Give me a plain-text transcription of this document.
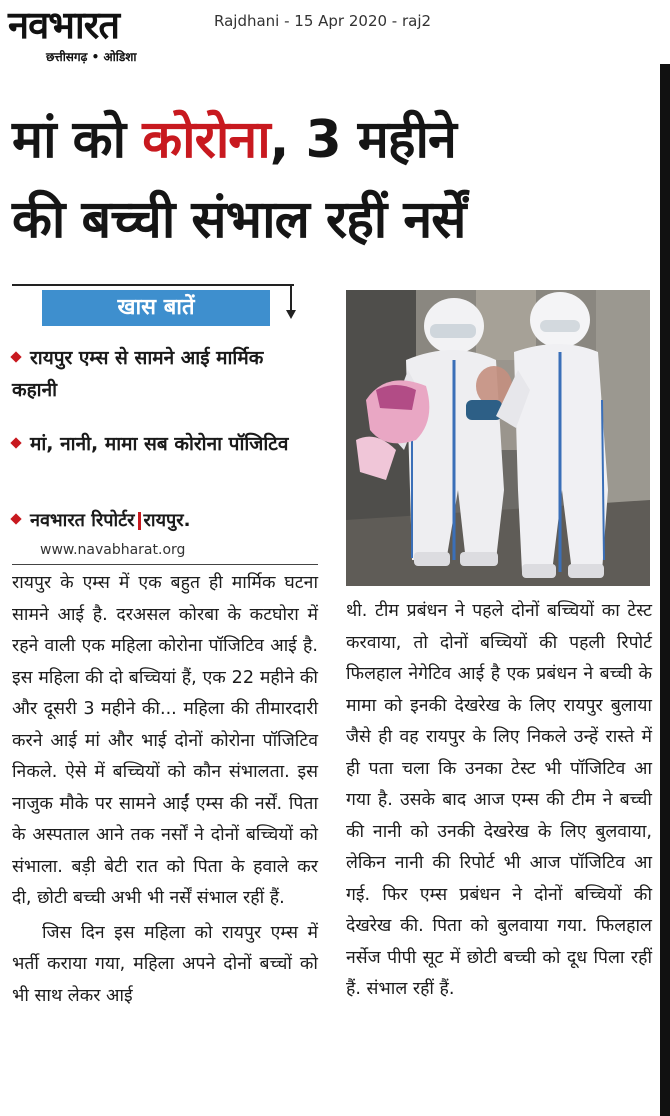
नवभारत
छत्तीसगढ़ • ओडिशा
Rajdhani - 15 Apr 2020 - raj2
मां को कोरोना, 3 महीने
की बच्ची संभाल रहीं नर्सें
खास बातें
रायपुर एम्स से सामने आई मार्मिक कहानी
मां, नानी, मामा सब कोरोना पॉजिटिव
नवभारत रिपोर्टर रायपुर.
www.navabharat.org

रायपुर के एम्स में एक बहुत ही मार्मिक घटना सामने आई है. दरअसल कोरबा के कटघोरा में रहने वाली एक महिला कोरोना पॉजिटिव आई है. इस महिला की दो बच्चियां हैं, एक 22 महीने की और दूसरी 3 महीने की... महिला की तीमारदारी करने आई मां और भाई दोनों कोरोना पॉजिटिव निकले. ऐसे में बच्चियों को कौन संभालता. इस नाजुक मौके पर सामने आईं एम्स की नर्सें. पिता के अस्पताल आने तक नर्सों ने दोनों बच्चियों को संभाला. बड़ी बेटी रात को पिता के हवाले कर दी, छोटी बच्ची अभी भी नर्सें संभाल रहीं हैं.

जिस दिन इस महिला को रायपुर एम्स में भर्ती कराया गया, महिला अपने दोनों बच्चों को भी साथ लेकर आई

थी. टीम प्रबंधन ने पहले दोनों बच्चियों का टेस्ट करवाया, तो दोनों बच्चियों की पहली रिपोर्ट फिलहाल नेगेटिव आई है एक प्रबंधन ने बच्ची के मामा को इनकी देखरेख के लिए रायपुर बुलाया जैसे ही वह रायपुर के लिए निकले उन्हें रास्ते में ही पता चला कि उनका टेस्ट भी पॉजिटिव आ गया है. उसके बाद आज एम्स की टीम ने बच्ची की नानी को उनकी देखरेख के लिए बुलवाया, लेकिन नानी की रिपोर्ट भी आज पॉजिटिव आ गई. फिर एम्स प्रबंधन ने दोनों बच्चियों की देखरेख की. पिता को बुलवाया गया. फिलहाल नर्सेज पीपी सूट में छोटी बच्ची को दूध पिला रहीं हैं. संभाल रहीं हैं.
